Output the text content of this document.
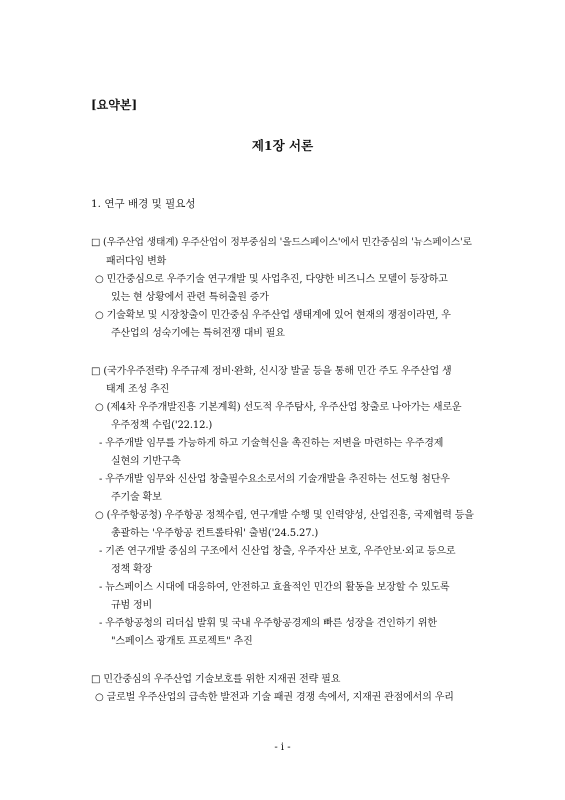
[요약본]
제1장 서론
1. 연구 배경 및 필요성
□ (우주산업 생태계) 우주산업이 정부중심의 '올드스페이스'에서 민간중심의 '뉴스페이스'로
패러다임 변화
○ 민간중심으로 우주기술 연구개발 및 사업추진, 다양한 비즈니스 모델이 등장하고
있는 현 상황에서 관련 특허출원 증가
○ 기술확보 및 시장창출이 민간중심 우주산업 생태계에 있어 현재의 쟁점이라면, 우
주산업의 성숙기에는 특허전쟁 대비 필요
□ (국가우주전략) 우주규제 정비·완화, 신시장 발굴 등을 통해 민간 주도 우주산업 생
태계 조성 추진
○ (제4차 우주개발진흥 기본계획) 선도적 우주탐사, 우주산업 창출로 나아가는 새로운
우주정책 수립('22.12.)
- 우주개발 임무를 가능하게 하고 기술혁신을 촉진하는 저변을 마련하는 우주경제
실현의 기반구축
- 우주개발 임무와 신산업 창출필수요소로서의 기술개발을 추진하는 선도형 첨단우
주기술 확보
○ (우주항공청) 우주항공 정책수립, 연구개발 수행 및 인력양성, 산업진흥, 국제협력 등을
총괄하는 '우주항공 컨트롤타워' 출범('24.5.27.)
- 기존 연구개발 중심의 구조에서 신산업 창출, 우주자산 보호, 우주안보·외교 등으로
정책 확장
- 뉴스페이스 시대에 대응하여, 안전하고 효율적인 민간의 활동을 보장할 수 있도록
규범 정비
- 우주항공청의 리더십 발휘 및 국내 우주항공경제의 빠른 성장을 견인하기 위한
"스페이스 광개토 프로젝트" 추진
□ 민간중심의 우주산업 기술보호를 위한 지재권 전략 필요
○ 글로벌 우주산업의 급속한 발전과 기술 패권 경쟁 속에서, 지재권 관점에서의 우리
- i -
